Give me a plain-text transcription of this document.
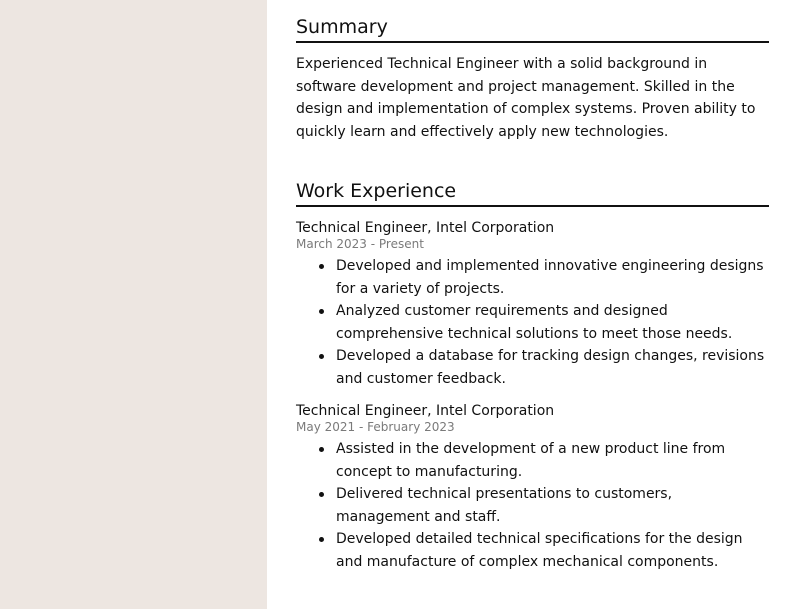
Summary

Experienced Technical Engineer with a solid background in software development and project management. Skilled in the design and implementation of complex systems. Proven ability to quickly learn and effectively apply new technologies.

Work Experience

Technical Engineer, Intel Corporation

March 2023 - Present

Developed and implemented innovative engineering designs for a variety of projects.
Analyzed customer requirements and designed comprehensive technical solutions to meet those needs.
Developed a database for tracking design changes, revisions and customer feedback.

Technical Engineer, Intel Corporation

May 2021 - February 2023

Assisted in the development of a new product line from concept to manufacturing.
Delivered technical presentations to customers, management and staff.
Developed detailed technical specifications for the design and manufacture of complex mechanical components.
